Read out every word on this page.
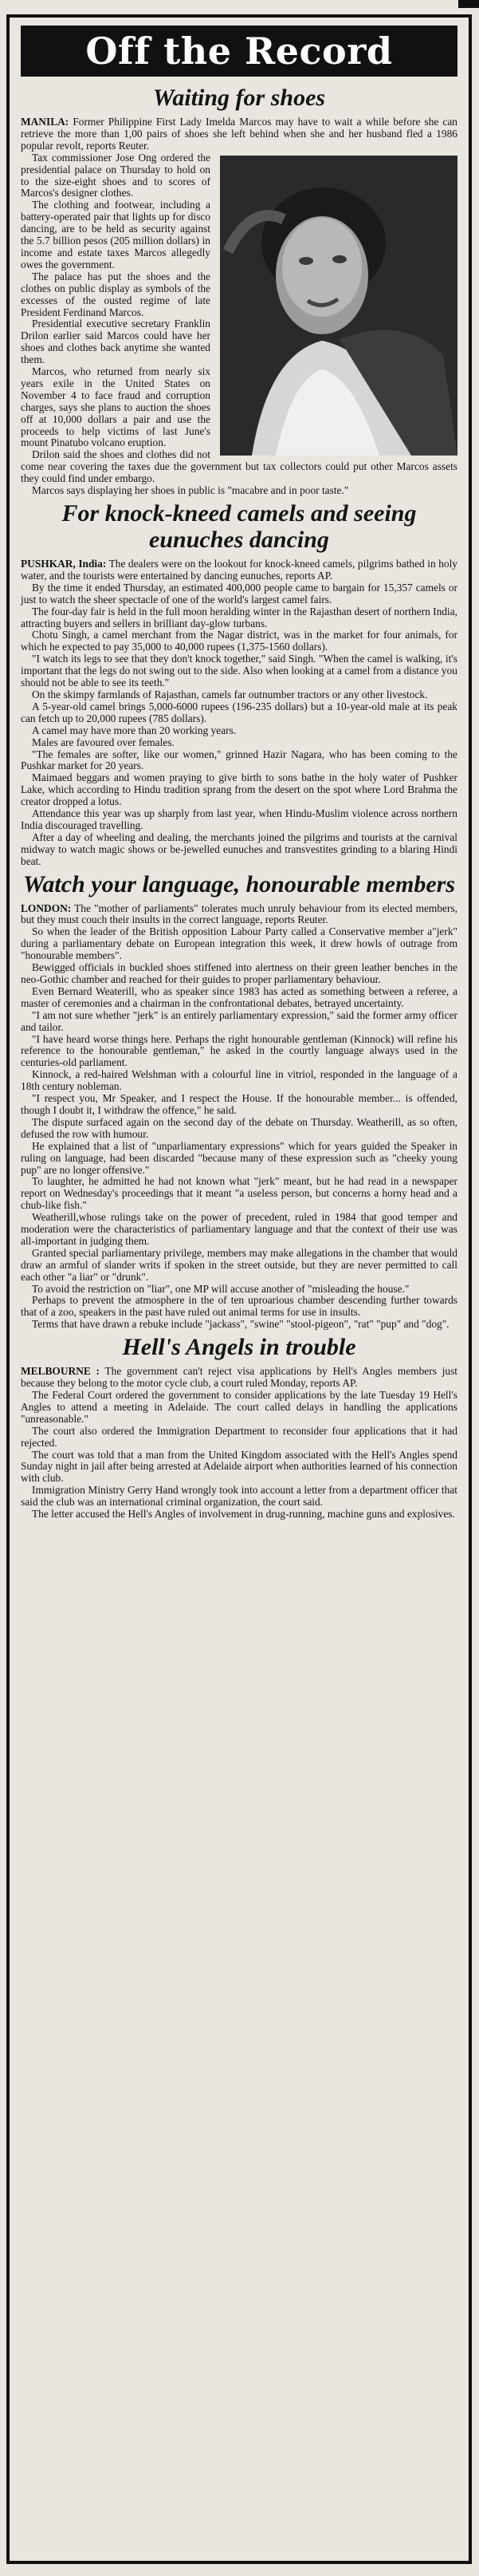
Off the Record
Waiting for shoes

MANILA: Former Philippine First Lady Imelda Marcos may have to wait a while before she can retrieve the more than 1,00 pairs of shoes she left behind when she and her husband fled a 1986 popular revolt, reports Reuter.

Tax commissioner Jose Ong ordered the presidential palace on Thursday to hold on to the size-eight shoes and to scores of Marcos's designer clothes.

The clothing and footwear, including a battery-operated pair that lights up for disco dancing, are to be held as security against the 5.7 billion pesos (205 million dollars) in income and estate taxes Marcos allegedly owes the government.

The palace has put the shoes and the clothes on public display as symbols of the excesses of the ousted regime of late President Ferdinand Marcos.

Presidential executive secretary Franklin Drilon earlier said Marcos could have her shoes and clothes back anytime she wanted them.

Marcos, who returned from nearly six years exile in the United States on November 4 to face fraud and corruption charges, says she plans to auction the shoes off at 10,000 dollars a pair and use the proceeds to help victims of last June's mount Pinatubo volcano eruption.

Drilon said the shoes and clothes did not come near covering the taxes due the government but tax collectors could put other Marcos assets they could find under embargo.

Marcos says displaying her shoes in public is "macabre and in poor taste."

For knock-kneed camels and seeing eunuches dancing

PUSHKAR, India: The dealers were on the lookout for knock-kneed camels, pilgrims bathed in holy water, and the tourists were entertained by dancing eunuches, reports AP.

By the time it ended Thursday, an estimated 400,000 people came to bargain for 15,357 camels or just to watch the sheer spectacle of one of the world's largest camel fairs.

The four-day fair is held in the full moon heralding winter in the Rajasthan desert of northern India, attracting buyers and sellers in brilliant day-glow turbans.

Chotu Singh, a camel merchant from the Nagar district, was in the market for four animals, for which he expected to pay 35,000 to 40,000 rupees (1,375-1560 dollars).

"I watch its legs to see that they don't knock together," said Singh. "When the camel is walking, it's important that the legs do not swing out to the side. Also when looking at a camel from a distance you should not be able to see its teeth."

On the skimpy farmlands of Rajasthan, camels far outnumber tractors or any other livestock.

A 5-year-old camel brings 5,000-6000 rupees (196-235 dollars) but a 10-year-old male at its peak can fetch up to 20,000 rupees (785 dollars).

A camel may have more than 20 working years.

Males are favoured over females.

"The females are softer, like our women," grinned Hazir Nagara, who has been coming to the Pushkar market for 20 years.

Maimaed beggars and women praying to give birth to sons bathe in the holy water of Pushker Lake, which according to Hindu tradition sprang from the desert on the spot where Lord Brahma the creator dropped a lotus.

Attendance this year was up sharply from last year, when Hindu-Muslim violence across northern India discouraged travelling.

After a day of wheeling and dealing, the merchants joined the pilgrims and tourists at the carnival midway to watch magic shows or be-jewelled eunuches and transvestites grinding to a blaring Hindi beat.

Watch your language, honourable members

LONDON: The "mother of parliaments" tolerates much unruly behaviour from its elected members, but they must couch their insults in the correct language, reports Reuter.

So when the leader of the British opposition Labour Party called a Conservative member a"jerk" during a parliamentary debate on European integration this week, it drew howls of outrage from "honourable members".

Bewigged officials in buckled shoes stiffened into alertness on their green leather benches in the neo-Gothic chamber and reached for their guides to proper parliamentary behaviour.

Even Bernard Weaterill, who as speaker since 1983 has acted as something between a referee, a master of ceremonies and a chairman in the confrontational debates, betrayed uncertainty.

"I am not sure whether "jerk" is an entirely parliamentary expression," said the former army officer and tailor.

"I have heard worse things here. Perhaps the right honourable gentleman (Kinnock) will refine his reference to the honourable gentleman," he asked in the courtly language always used in the centuries-old parliament.

Kinnock, a red-haired Welshman with a colourful line in vitriol, responded in the language of a 18th century nobleman.

"I respect you, Mr Speaker, and I respect the House. If the honourable member... is offended, though I doubt it, I withdraw the offence," he said.

The dispute surfaced again on the second day of the debate on Thursday. Weatherill, as so often, defused the row with humour.

He explained that a list of "unparliamentary expressions" which for years guided the Speaker in ruling on language, had been discarded "because many of these expression such as "cheeky young pup" are no longer offensive."

To laughter, he admitted he had not known what "jerk" meant, but he had read in a newspaper report on Wednesday's proceedings that it meant "a useless person, but concerns a horny head and a chub-like fish."

Weatherill,whose rulings take on the power of precedent, ruled in 1984 that good temper and moderation were the characteristics of parliamentary language and that the context of their use was all-important in judging them.

Granted special parliamentary privilege, members may make allegations in the chamber that would draw an armful of slander writs if spoken in the street outside, but they are never permitted to call each other "a liar" or "drunk".

To avoid the restriction on "liar", one MP will accuse another of "misleading the house."

Perhaps to prevent the atmosphere in the of ten uproarious chamber descending further towards that of a zoo, speakers in the past have ruled out animal terms for use in insults.

Terms that have drawn a rebuke include "jackass", "swine" "stool-pigeon", "rat" "pup" and "dog".

Hell's Angels in trouble

MELBOURNE : The government can't reject visa applications by Hell's Angles members just because they belong to the motor cycle club, a court ruled Monday, reports AP.

The Federal Court ordered the government to consider applications by the late Tuesday 19 Hell's Angles to attend a meeting in Adelaide. The court called delays in handling the applications "unreasonable."

The court also ordered the Immigration Department to reconsider four applications that it had rejected.

The court was told that a man from the United Kingdom associated with the Hell's Angles spend Sunday night in jail after being arrested at Adelaide airport when authorities learned of his connection with club.

Immigration Ministry Gerry Hand wrongly took into account a letter from a department officer that said the club was an international criminal organization, the court said.

The letter accused the Hell's Angles of involvement in drug-running, machine guns and explosives.
